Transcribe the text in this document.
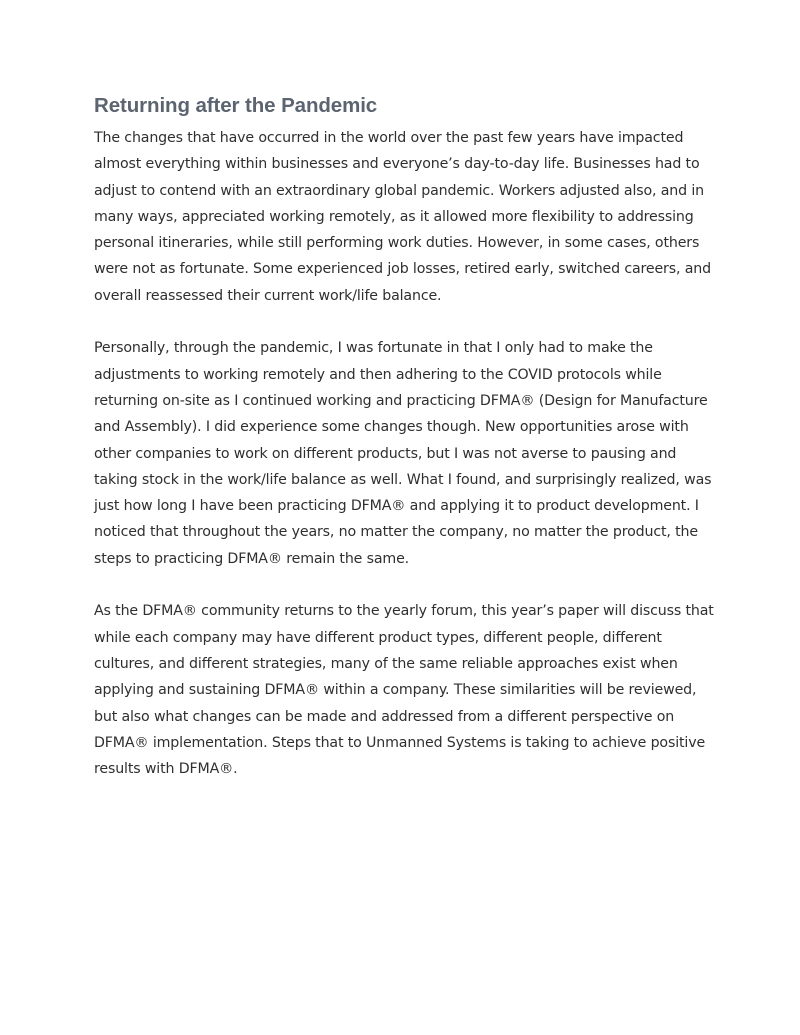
Returning after the Pandemic

The changes that have occurred in the world over the past few years have impacted almost everything within businesses and everyone’s day-to-day life. Businesses had to adjust to contend with an extraordinary global pandemic. Workers adjusted also, and in many ways, appreciated working remotely, as it allowed more flexibility to addressing personal itineraries, while still performing work duties. However, in some cases, others were not as fortunate. Some experienced job losses, retired early, switched careers, and overall reassessed their current work/life balance.

Personally, through the pandemic, I was fortunate in that I only had to make the adjustments to working remotely and then adhering to the COVID protocols while returning on-site as I continued working and practicing DFMA® (Design for Manufacture and Assembly). I did experience some changes though. New opportunities arose with other companies to work on different products, but I was not averse to pausing and taking stock in the work/life balance as well. What I found, and surprisingly realized, was just how long I have been practicing DFMA® and applying it to product development. I noticed that throughout the years, no matter the company, no matter the product, the steps to practicing DFMA® remain the same.

As the DFMA® community returns to the yearly forum, this year’s paper will discuss that while each company may have different product types, different people, different cultures, and different strategies, many of the same reliable approaches exist when applying and sustaining DFMA® within a company. These similarities will be reviewed, but also what changes can be made and addressed from a different perspective on DFMA® implementation. Steps that to Unmanned Systems is taking to achieve positive results with DFMA®.
